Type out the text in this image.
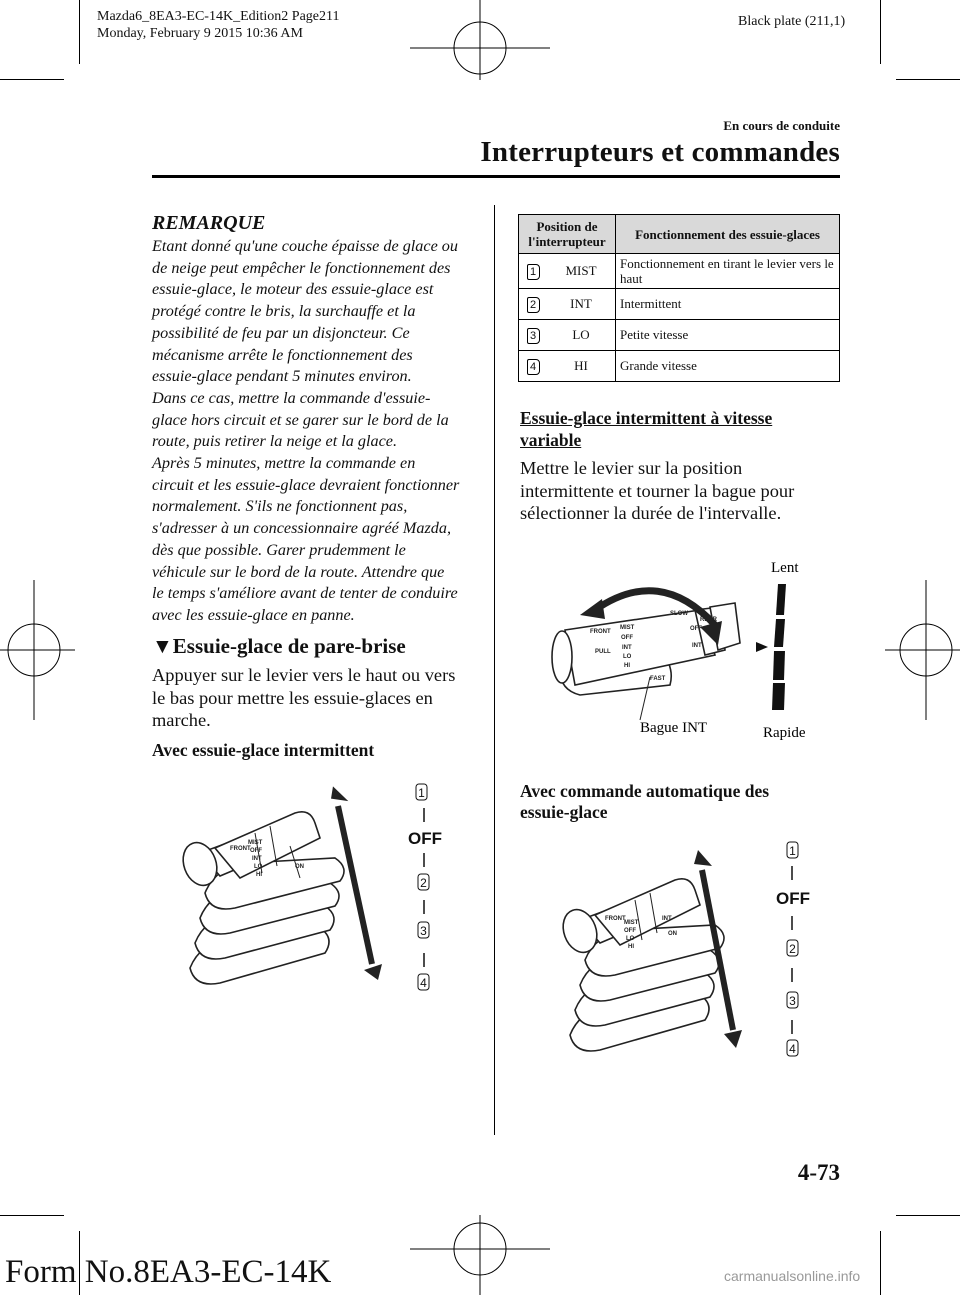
Mazda6_8EA3-EC-14K_Edition2 Page211
Monday, February 9 2015 10:36 AM
Black plate (211,1)
En cours de conduite
Interrupteurs et commandes
REMARQUE
Etant donné qu'une couche épaisse de glace ou
de neige peut empêcher le fonctionnement des
essuie-glace, le moteur des essuie-glace est
protégé contre le bris, la surchauffe et la
possibilité de feu par un disjoncteur. Ce
mécanisme arrête le fonctionnement des
essuie-glace pendant 5 minutes environ.
Dans ce cas, mettre la commande d'essuie-
glace hors circuit et se garer sur le bord de la
route, puis retirer la neige et la glace.
Après 5 minutes, mettre la commande en
circuit et les essuie-glace devraient fonctionner
normalement. S'ils ne fonctionnent pas,
s'adresser à un concessionnaire agréé Mazda,
dès que possible. Garer prudemment le
véhicule sur le bord de la route. Attendre que
le temps s'améliore avant de tenter de conduire
avec les essuie-glace en panne.
▼Essuie-glace de pare-brise
Appuyer sur le levier vers le haut ou vers
le bas pour mettre les essuie-glaces en
marche.
Avec essuie-glace intermittent
FRONT
MIST
OFF
INT
LO
HI
ON
1
OFF
2
3
4
Position de l'interrupteur	Fonctionnement des essuie-glaces

1 MIST	Fonctionnement en tirant le levier vers le haut

2 INT	Intermittent

3 LO	Petite vitesse

4 HI	Grande vitesse
Essuie-glace intermittent à vitesse
variable
Mettre le levier sur la position
intermittente et tourner la bague pour
sélectionner la durée de l'intervalle.
Lent
Rapide
Bague INT
FRONT
PULL
MIST
OFF
INT
LO
HI
SLOW
FAST
OFF
INT
REAR
Avec commande automatique des
essuie-glace
FRONT
MIST
OFF
LO
HI
INT
ON
1
OFF
2
3
4
4-73
Form No.8EA3-EC-14K	carmanualsonline.info
